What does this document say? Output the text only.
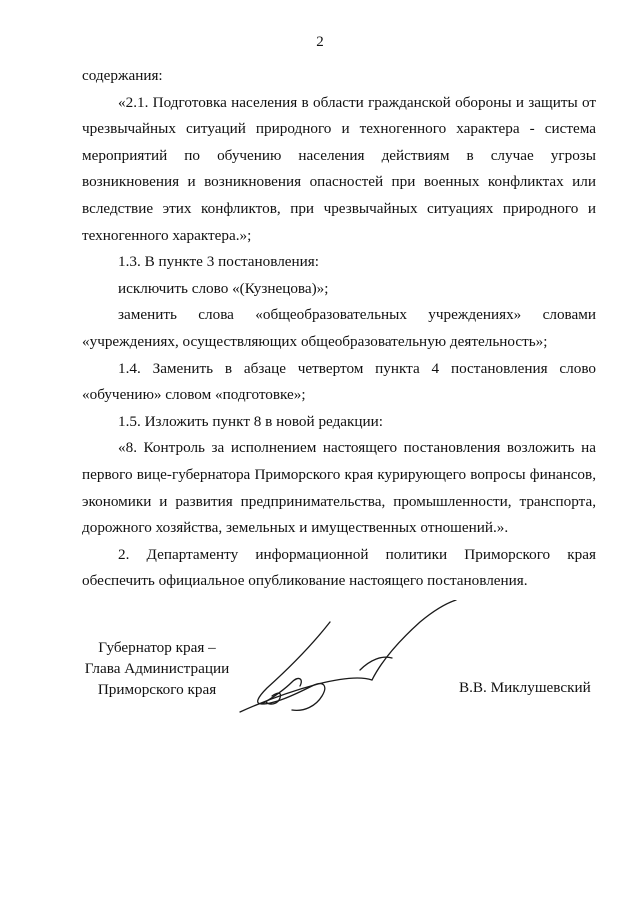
2

содержания:

«2.1. Подготовка населения в области гражданской обороны и защиты от чрезвычайных ситуаций природного и техногенного характера - система мероприятий по обучению населения действиям в случае угрозы возникновения и возникновения опасностей при военных конфликтах или вследствие этих конфликтов, при чрезвычайных ситуациях природного и техногенного характера.»;

1.3. В пункте 3 постановления:

исключить слово «(Кузнецова)»;

заменить слова «общеобразовательных учреждениях» словами «учреждениях, осуществляющих общеобразовательную деятельность»;

1.4. Заменить в абзаце четвертом пункта 4 постановления слово «обучению» словом «подготовке»;

1.5. Изложить пункт 8 в новой редакции:

«8. Контроль за исполнением настоящего постановления возложить на первого вице-губернатора Приморского края курирующего вопросы финансов, экономики и развития предпринимательства, промышленности, транспорта, дорожного хозяйства, земельных и имущественных отношений.».

2. Департаменту информационной политики Приморского края обеспечить официальное опубликование настоящего постановления.

Губернатор края –
Глава Администрации
Приморского края	В.В. Миклушевский
